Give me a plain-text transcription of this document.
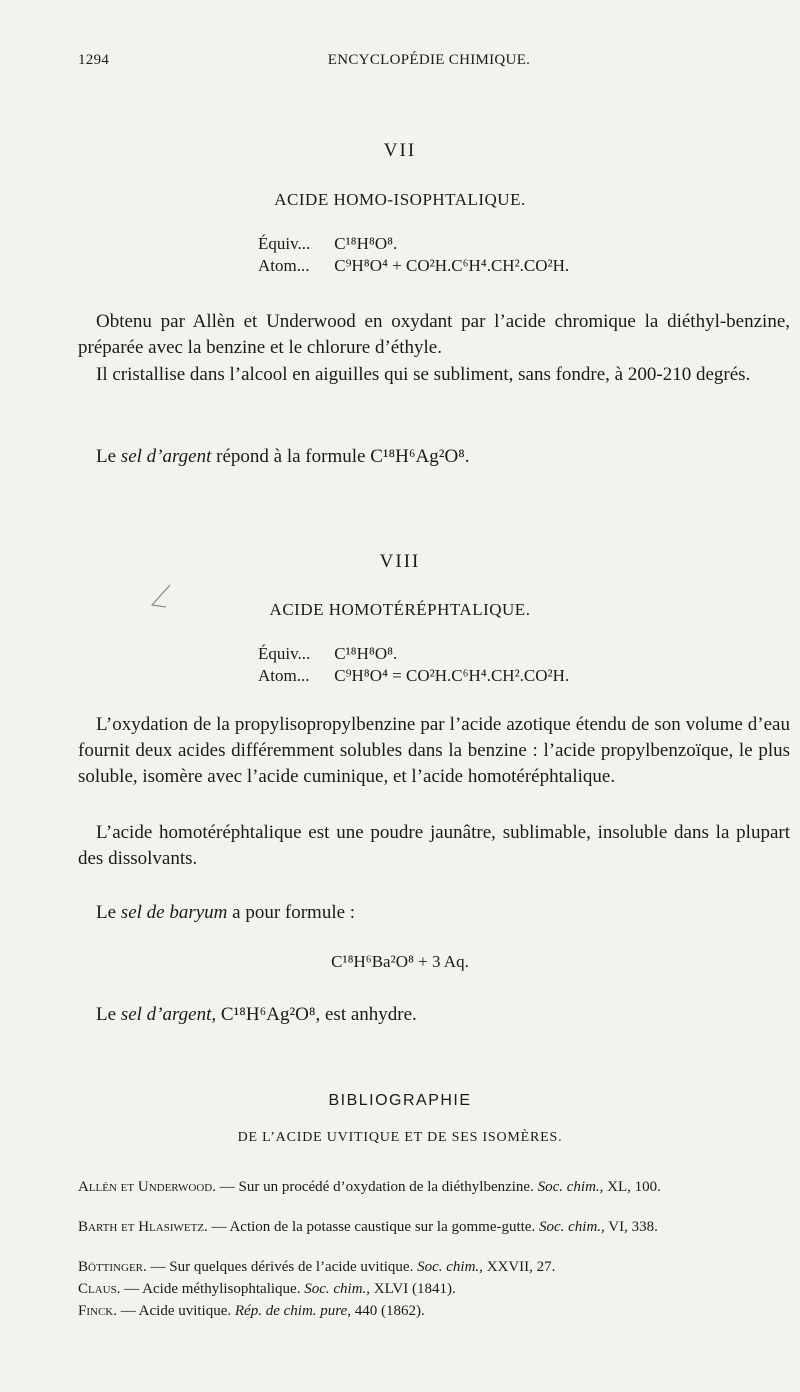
1294	ENCYCLOPÉDIE CHIMIQUE.
VII
ACIDE HOMO-ISOPHTALIQUE.
Équiv... C¹⁸H⁸O⁸.
Atom... C⁹H⁸O⁴ + CO²H.C⁶H⁴.CH².CO²H.

Obtenu par Allèn et Underwood en oxydant par l’acide chromique la diéthyl-benzine, préparée avec la benzine et le chlorure d’éthyle.

Il cristallise dans l’alcool en aiguilles qui se subliment, sans fondre, à 200-210 degrés.

Le sel d’argent répond à la formule C¹⁸H⁶Ag²O⁸.

VIII
ACIDE HOMOTÉRÉPHTALIQUE.
Équiv... C¹⁸H⁸O⁸.
Atom... C⁹H⁸O⁴ = CO²H.C⁶H⁴.CH².CO²H.

L’oxydation de la propylisopropylbenzine par l’acide azotique étendu de son volume d’eau fournit deux acides différemment solubles dans la benzine : l’acide propylbenzoïque, le plus soluble, isomère avec l’acide cuminique, et l’acide homotéréphtalique.

L’acide homotéréphtalique est une poudre jaunâtre, sublimable, insoluble dans la plupart des dissolvants.

Le sel de baryum a pour formule :

C¹⁸H⁶Ba²O⁸ + 3 Aq.

Le sel d’argent, C¹⁸H⁶Ag²O⁸, est anhydre.

BIBLIOGRAPHIE
DE L’ACIDE UVITIQUE ET DE SES ISOMÈRES.

Allèn et Underwood. — Sur un procédé d’oxydation de la diéthylbenzine. Soc. chim., XL, 100.

Barth et Hlasiwetz. — Action de la potasse caustique sur la gomme-gutte. Soc. chim., VI, 338.

Böttinger. — Sur quelques dérivés de l’acide uvitique. Soc. chim., XXVII, 27.

Claus. — Acide méthylisophtalique. Soc. chim., XLVI (1841).

Finck. — Acide uvitique. Rép. de chim. pure, 440 (1862).
